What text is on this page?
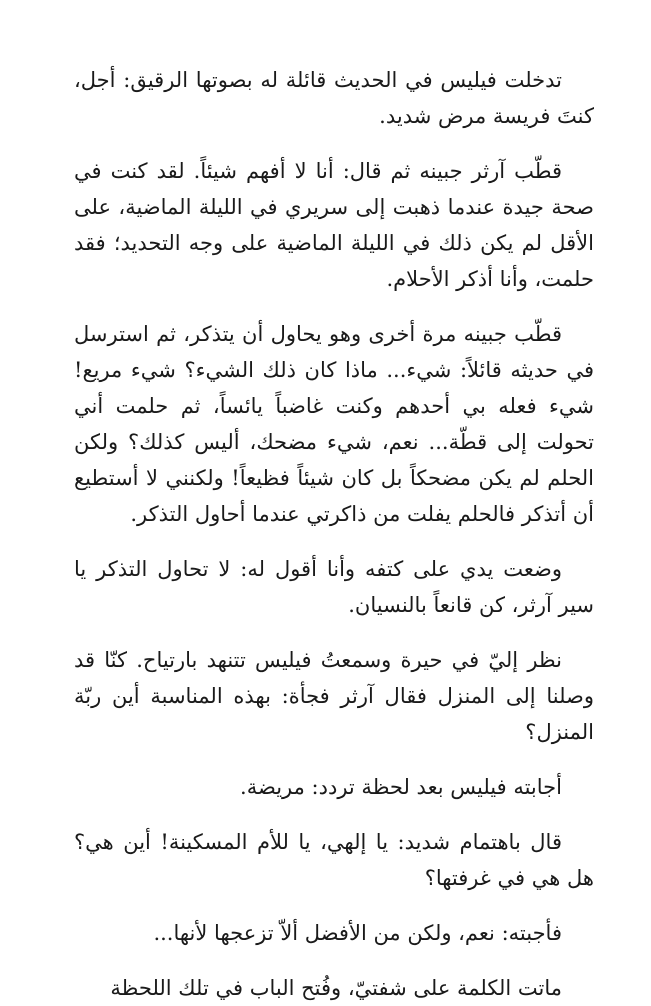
تدخلت فيليس في الحديث قائلة له بصوتها الرقيق: أجل، كنتَ فريسة مرض شديد.

قطّب آرثر جبينه ثم قال: أنا لا أفهم شيئاً. لقد كنت في صحة جيدة عندما ذهبت إلى سريري في الليلة الماضية، على الأقل لم يكن ذلك في الليلة الماضية على وجه التحديد؛ فقد حلمت، وأنا أذكر الأحلام.

قطّب جبينه مرة أخرى وهو يحاول أن يتذكر، ثم استرسل في حديثه قائلاً: شيء... ماذا كان ذلك الشيء؟ شيء مريع! شيء فعله بي أحدهم وكنت غاضباً يائساً، ثم حلمت أني تحولت إلى قطّة... نعم، شيء مضحك، أليس كذلك؟ ولكن الحلم لم يكن مضحكاً بل كان شيئاً فظيعاً! ولكنني لا أستطيع أن أتذكر فالحلم يفلت من ذاكرتي عندما أحاول التذكر.

وضعت يدي على كتفه وأنا أقول له: لا تحاول التذكر يا سير آرثر، كن قانعاً بالنسيان.

نظر إليّ في حيرة وسمعتُ فيليس تتنهد بارتياح. كنّا قد وصلنا إلى المنزل فقال آرثر فجأة: بهذه المناسبة أين ربّة المنزل؟

أجابته فيليس بعد لحظة تردد: مريضة.

قال باهتمام شديد: يا إلهي، يا للأم المسكينة! أين هي؟ هل هي في غرفتها؟

فأجبته: نعم، ولكن من الأفضل ألاّ تزعجها لأنها...

ماتت الكلمة على شفتيّ، وفُتح الباب في تلك اللحظة
